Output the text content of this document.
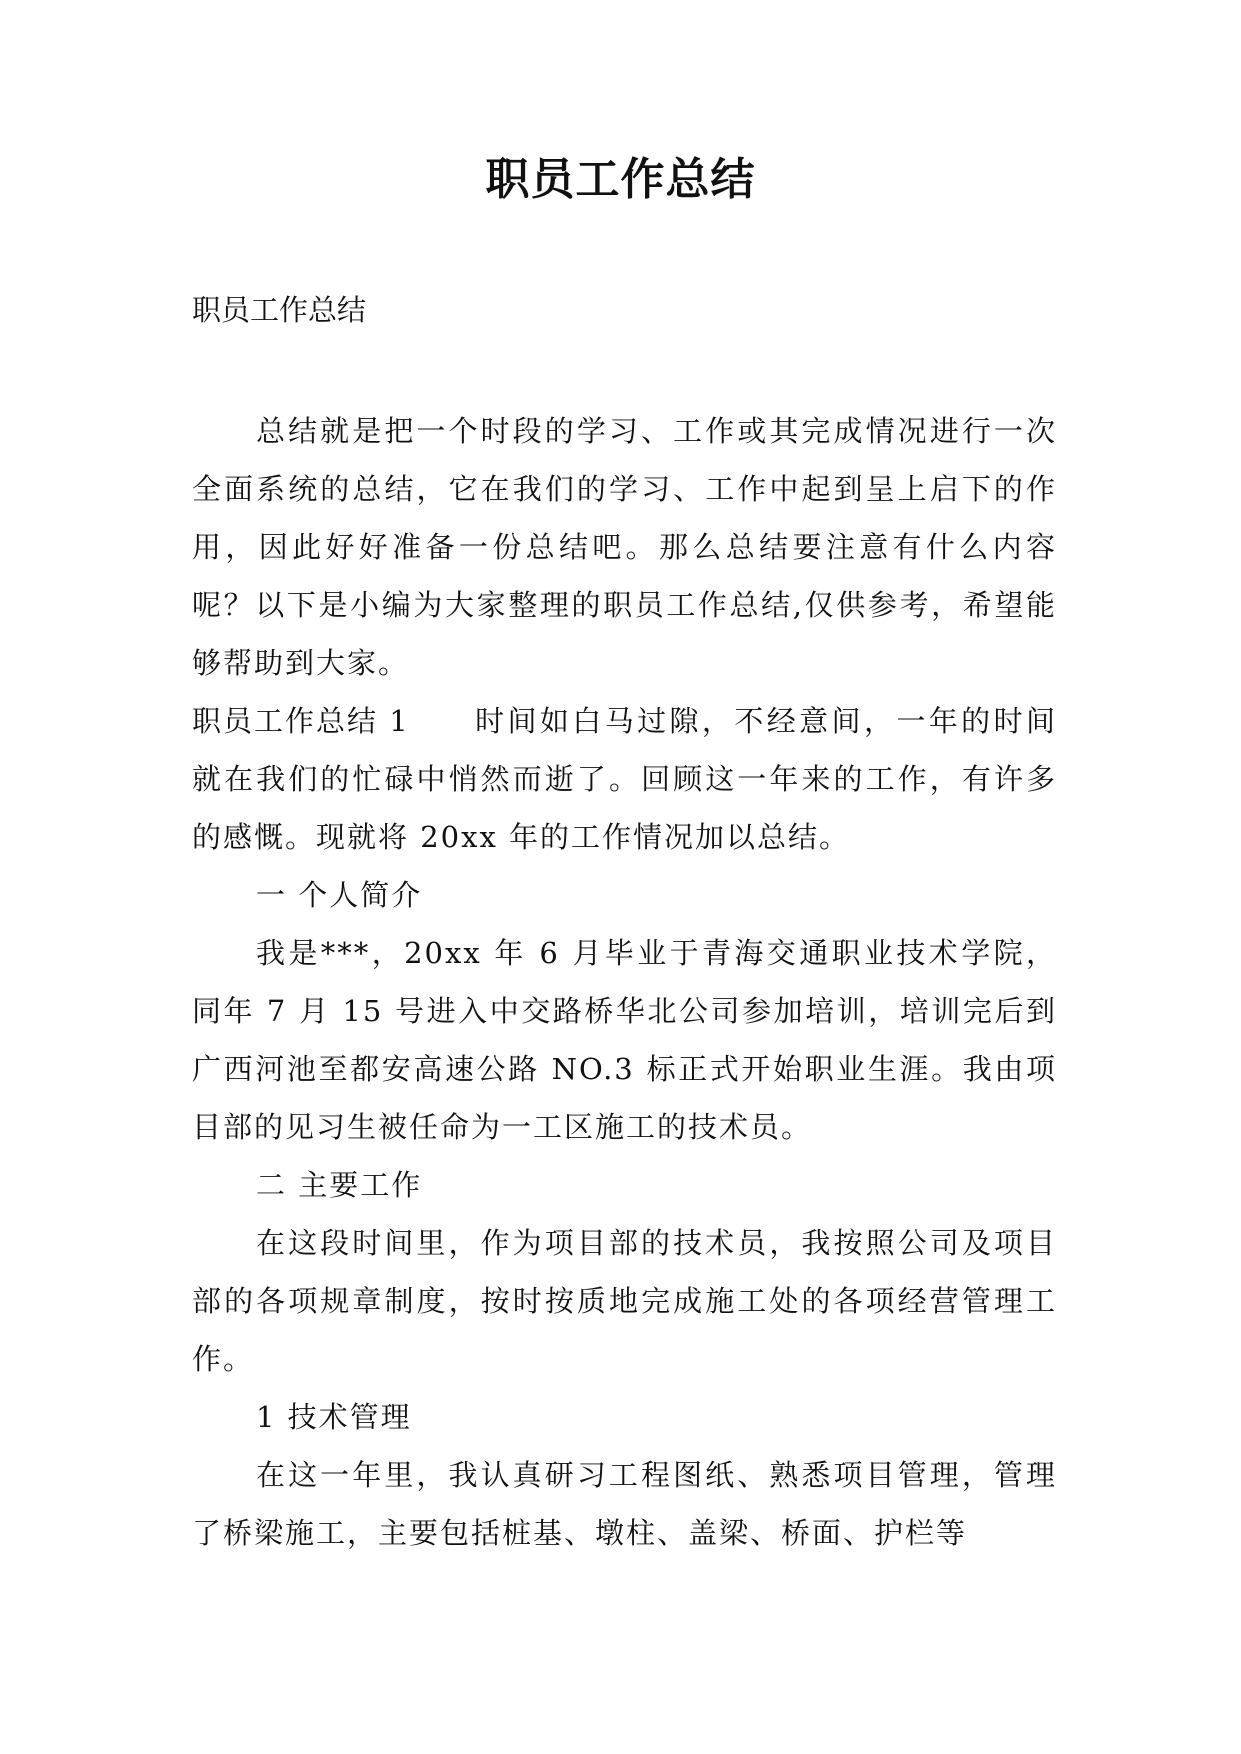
职员工作总结
职员工作总结

总结就是把一个时段的学习、工作或其完成情况进行一次全面系统的总结，它在我们的学习、工作中起到呈上启下的作用，因此好好准备一份总结吧。那么总结要注意有什么内容呢？以下是小编为大家整理的职员工作总结,仅供参考，希望能够帮助到大家。

职员工作总结 1 时间如白马过隙，不经意间，一年的时间就在我们的忙碌中悄然而逝了。回顾这一年来的工作，有许多的感慨。现就将 20xx 年的工作情况加以总结。

一 个人简介

我是***，20xx 年 6 月毕业于青海交通职业技术学院，同年 7 月 15 号进入中交路桥华北公司参加培训，培训完后到广西河池至都安高速公路 NO.3 标正式开始职业生涯。我由项目部的见习生被任命为一工区施工的技术员。

二 主要工作

在这段时间里，作为项目部的技术员，我按照公司及项目部的各项规章制度，按时按质地完成施工处的各项经营管理工作。

1 技术管理

在这一年里，我认真研习工程图纸、熟悉项目管理，管理了桥梁施工，主要包括桩基、墩柱、盖梁、桥面、护栏等
